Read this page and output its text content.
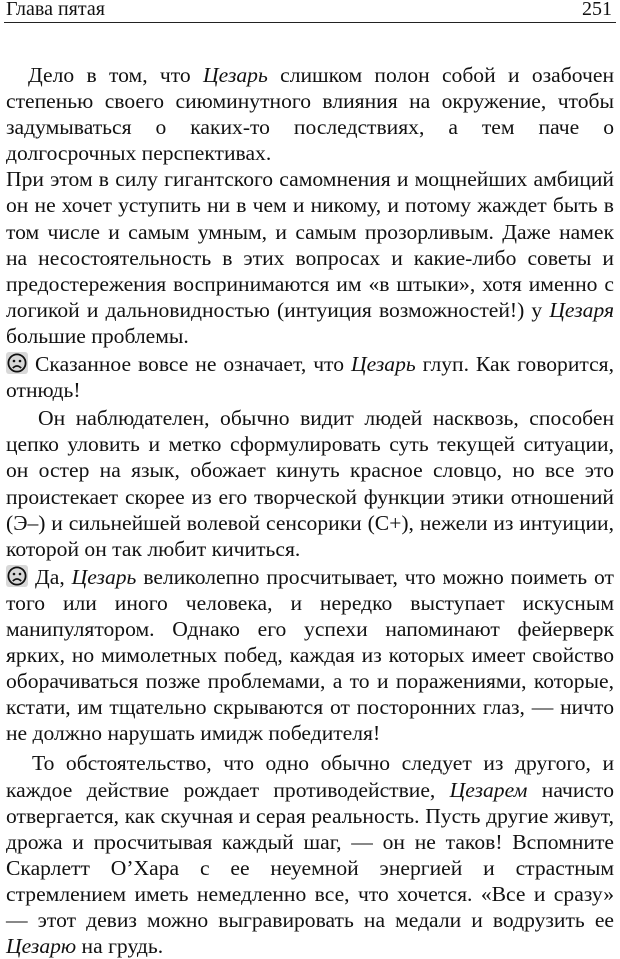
Глава пятая	251

Дело в том, что Цезарь слишком полон собой и озабочен степенью своего сиюминутного влияния на окружение, чтобы задумываться о каких-то последствиях, а тем паче о долгосрочных перспективах.

При этом в силу гигантского самомнения и мощнейших амбиций он не хочет уступить ни в чем и никому, и потому жаждет быть в том числе и самым умным, и самым прозорливым. Даже намек на несостоятельность в этих вопросах и какие-либо советы и предостережения воспринимаются им «в штыки», хотя именно с логикой и дальновидностью (интуиция возможностей!) у Цезаря большие проблемы.

Сказанное вовсе не означает, что Цезарь глуп. Как говорится, отнюдь!

Он наблюдателен, обычно видит людей насквозь, способен цепко уловить и метко сформулировать суть текущей ситуации, он остер на язык, обожает кинуть красное словцо, но все это проистекает скорее из его творческой функции этики отношений (Э–) и сильнейшей волевой сенсорики (С+), нежели из интуиции, которой он так любит кичиться.

Да, Цезарь великолепно просчитывает, что можно поиметь от того или иного человека, и нередко выступает искусным манипулятором. Однако его успехи напоминают фейерверк ярких, но мимолетных побед, каждая из которых имеет свойство оборачиваться позже проблемами, а то и поражениями, которые, кстати, им тщательно скрываются от посторонних глаз, — ничто не должно нарушать имидж победителя!

То обстоятельство, что одно обычно следует из другого, и каждое действие рождает противодействие, Цезарем начисто отвергается, как скучная и серая реальность. Пусть другие живут, дрожа и просчитывая каждый шаг, — он не таков! Вспомните Скарлетт О’Хара с ее неуемной энергией и страстным стремлением иметь немедленно все, что хочется. «Все и сразу» — этот девиз можно выгравировать на медали и водрузить ее Цезарю на грудь.
